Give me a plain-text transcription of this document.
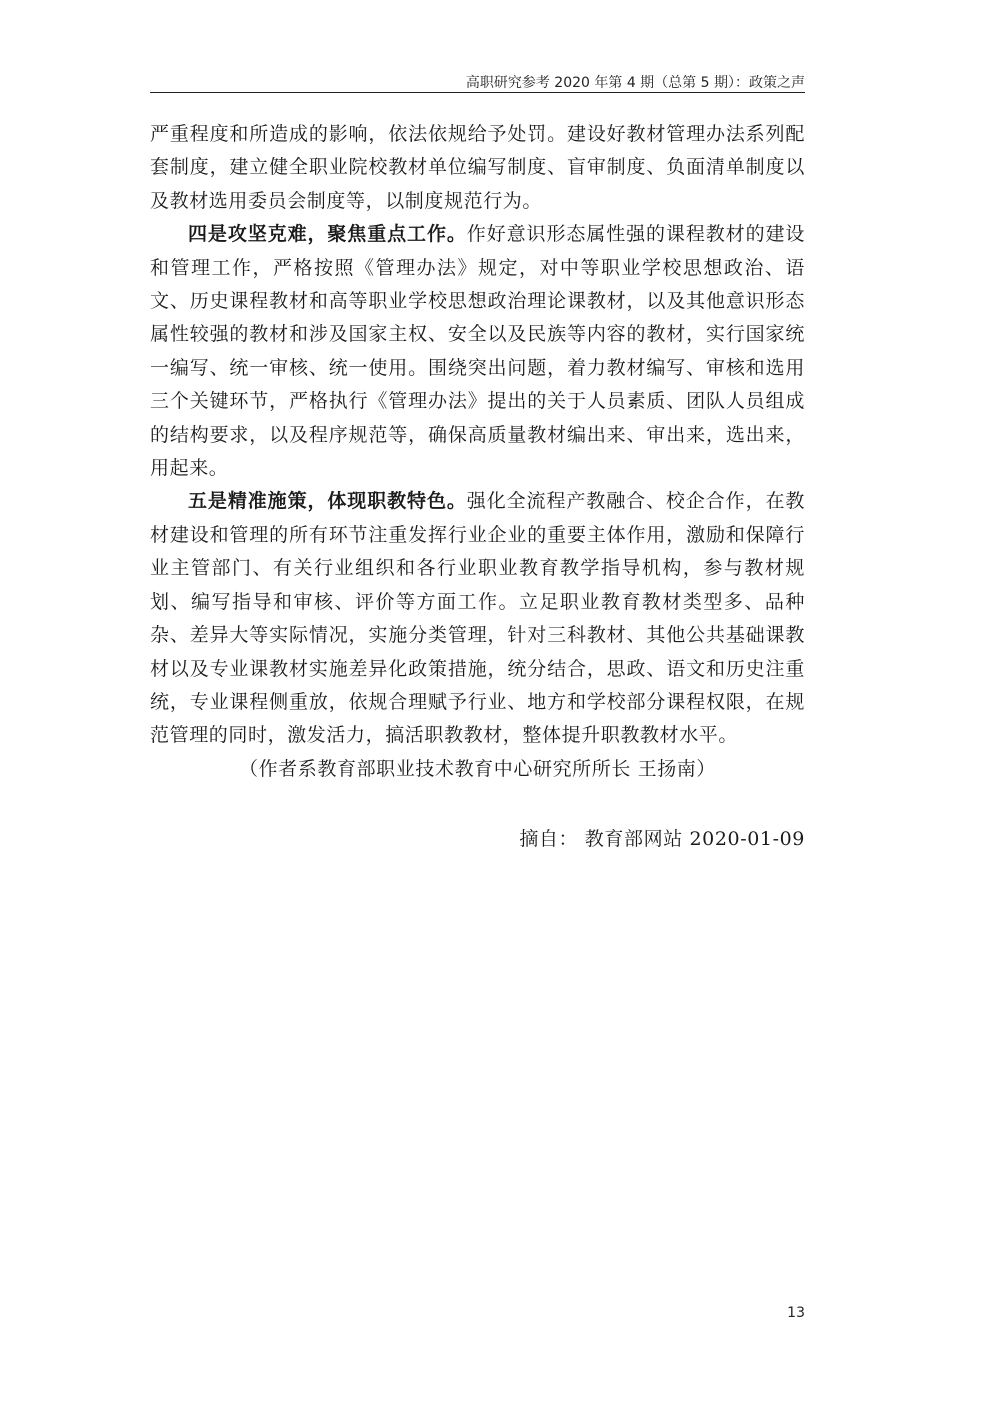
高职研究参考 2020 年第 4 期（总第 5 期）：政策之声

严重程度和所造成的影响，依法依规给予处罚。建设好教材管理办法系列配套制度，建立健全职业院校教材单位编写制度、盲审制度、负面清单制度以及教材选用委员会制度等，以制度规范行为。

四是攻坚克难，聚焦重点工作。作好意识形态属性强的课程教材的建设和管理工作，严格按照《管理办法》规定，对中等职业学校思想政治、语文、历史课程教材和高等职业学校思想政治理论课教材，以及其他意识形态属性较强的教材和涉及国家主权、安全以及民族等内容的教材，实行国家统一编写、统一审核、统一使用。围绕突出问题，着力教材编写、审核和选用三个关键环节，严格执行《管理办法》提出的关于人员素质、团队人员组成的结构要求，以及程序规范等，确保高质量教材编出来、审出来，选出来，用起来。

五是精准施策，体现职教特色。强化全流程产教融合、校企合作，在教材建设和管理的所有环节注重发挥行业企业的重要主体作用，激励和保障行业主管部门、有关行业组织和各行业职业教育教学指导机构，参与教材规划、编写指导和审核、评价等方面工作。立足职业教育教材类型多、品种杂、差异大等实际情况，实施分类管理，针对三科教材、其他公共基础课教材以及专业课教材实施差异化政策措施，统分结合，思政、语文和历史注重统，专业课程侧重放，依规合理赋予行业、地方和学校部分课程权限，在规范管理的同时，激发活力，搞活职教教材，整体提升职教教材水平。

（作者系教育部职业技术教育中心研究所所长 王扬南）

摘自： 教育部网站 2020-01-09
13
